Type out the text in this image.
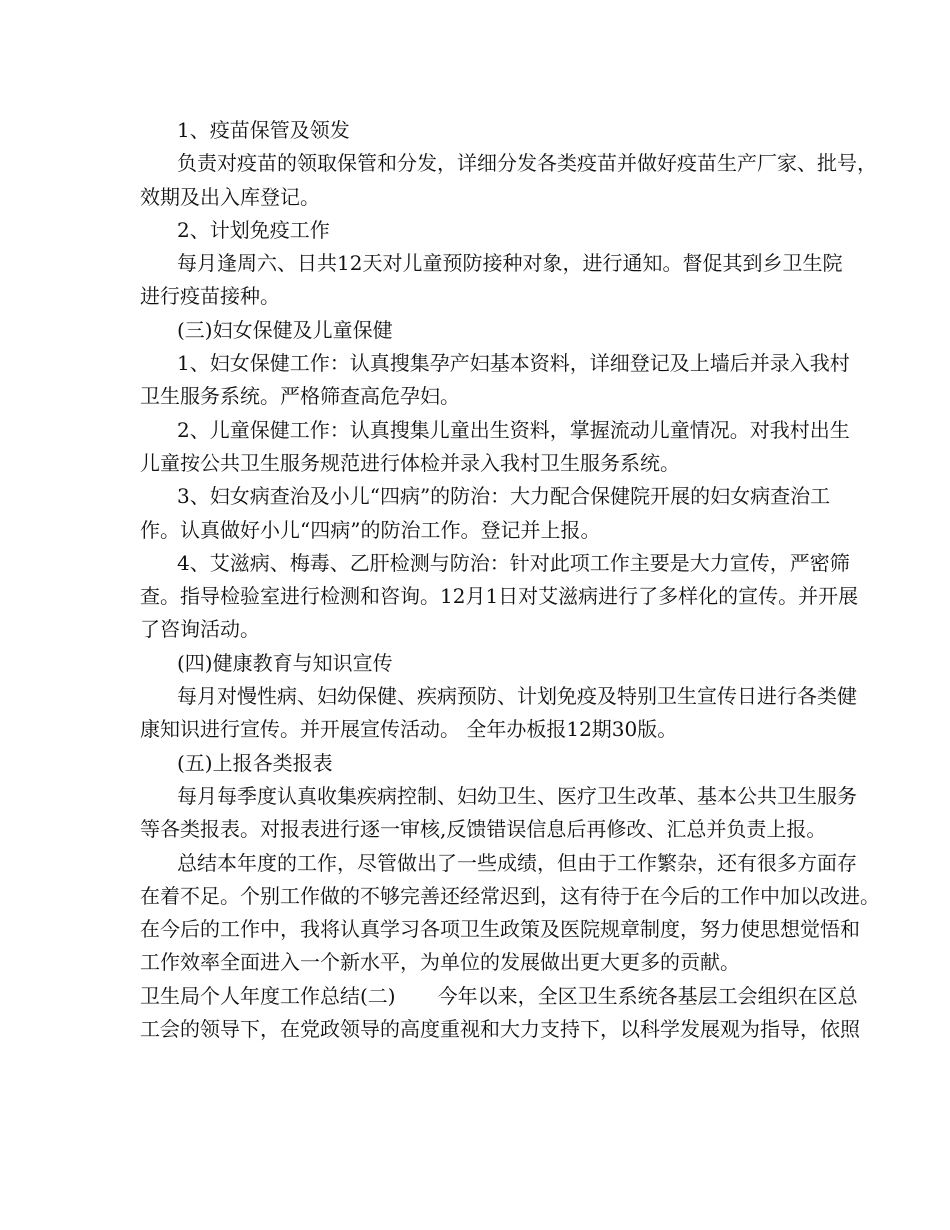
1、疫苗保管及领发
负责对疫苗的领取保管和分发，详细分发各类疫苗并做好疫苗生产厂家、批号，
效期及出入库登记。
2、计划免疫工作
每月逢周六、日共12天对儿童预防接种对象，进行通知。督促其到乡卫生院
进行疫苗接种。
(三)妇女保健及儿童保健
1、妇女保健工作：认真搜集孕产妇基本资料，详细登记及上墙后并录入我村
卫生服务系统。严格筛查高危孕妇。
2、儿童保健工作：认真搜集儿童出生资料，掌握流动儿童情况。对我村出生
儿童按公共卫生服务规范进行体检并录入我村卫生服务系统。
3、妇女病查治及小儿“四病”的防治：大力配合保健院开展的妇女病查治工
作。认真做好小儿“四病”的防治工作。登记并上报。
4、艾滋病、梅毒、乙肝检测与防治：针对此项工作主要是大力宣传，严密筛
查。指导检验室进行检测和咨询。12月1日对艾滋病进行了多样化的宣传。并开展
了咨询活动。
(四)健康教育与知识宣传
每月对慢性病、妇幼保健、疾病预防、计划免疫及特别卫生宣传日进行各类健
康知识进行宣传。并开展宣传活动。 全年办板报12期30版。
(五)上报各类报表
每月每季度认真收集疾病控制、妇幼卫生、医疗卫生改革、基本公共卫生服务
等各类报表。对报表进行逐一审核,反馈错误信息后再修改、汇总并负责上报。
总结本年度的工作，尽管做出了一些成绩，但由于工作繁杂，还有很多方面存
在着不足。个别工作做的不够完善还经常迟到，这有待于在今后的工作中加以改进。
在今后的工作中，我将认真学习各项卫生政策及医院规章制度，努力使思想觉悟和
工作效率全面进入一个新水平，为单位的发展做出更大更多的贡献。
卫生局个人年度工作总结(二) 今年以来，全区卫生系统各基层工会组织在区总
工会的领导下，在党政领导的高度重视和大力支持下，以科学发展观为指导，依照
